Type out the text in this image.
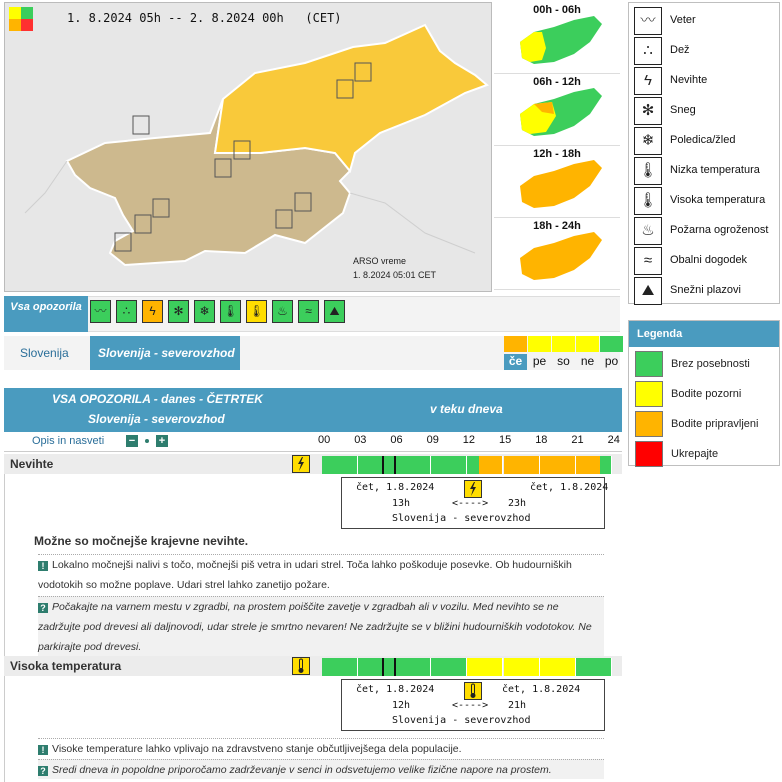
1. 8.2024 05h -- 2. 8.2024 00h   (CET)
ARSO vreme
1. 8.2024 05:01 CET
00h - 06h
06h - 12h
12h - 18h
18h - 24h
〰	Veter
∴	Dež
ϟ	Nevihte
✻	Sneg
❄	Poledica/žled
🌡	Nizka temperatura
🌡	Visoka temperatura
♨	Požarna ogroženost
≈	Obalni dogodek
⛰	Snežni plazovi
Legenda
Brez posebnosti
Bodite pozorni
Bodite pripravljeni
Ukrepajte
Vsa opozorila	〰	∴	ϟ	✻	❄	🌡 🌡	♨	≈	⛰
Slovenija	Slovenija - severovzhod
če pe so ne po
VSA OPOZORILA - danes - ČETRTEK
Slovenija - severovzhod
v teku dneva
Opis in nasveti − +	00 03 06 09 12 15 18 21 24
Nevihte
čet, 1.8.2024	čet, 1.8.2024
13h	<----> 23h
Slovenija - severovzhod
Možne so močnejše krajevne nevihte.
! Lokalno močnejši nalivi s točo, močnejši piš vetra in udari strel. Toča lahko poškoduje posevke. Ob hudourniških vodotokih so možne poplave. Udari strel lahko zanetijo požare.
? Počakajte na varnem mestu v zgradbi, na prostem poiščite zavetje v zgradbah ali v vozilu. Med nevihto se ne zadržujte pod drevesi ali daljnovodi, udar strele je smrtno nevaren! Ne zadržujte se v bližini hudourniških vodotokov. Ne parkirajte pod drevesi.
Visoka temperatura
čet, 1.8.2024	čet, 1.8.2024
12h	<----> 21h
Slovenija - severovzhod
! Visoke temperature lahko vplivajo na zdravstveno stanje občutljivejšega dela populacije.
? Sredi dneva in popoldne priporočamo zadrževanje v senci in odsvetujemo velike fizične napore na prostem.
